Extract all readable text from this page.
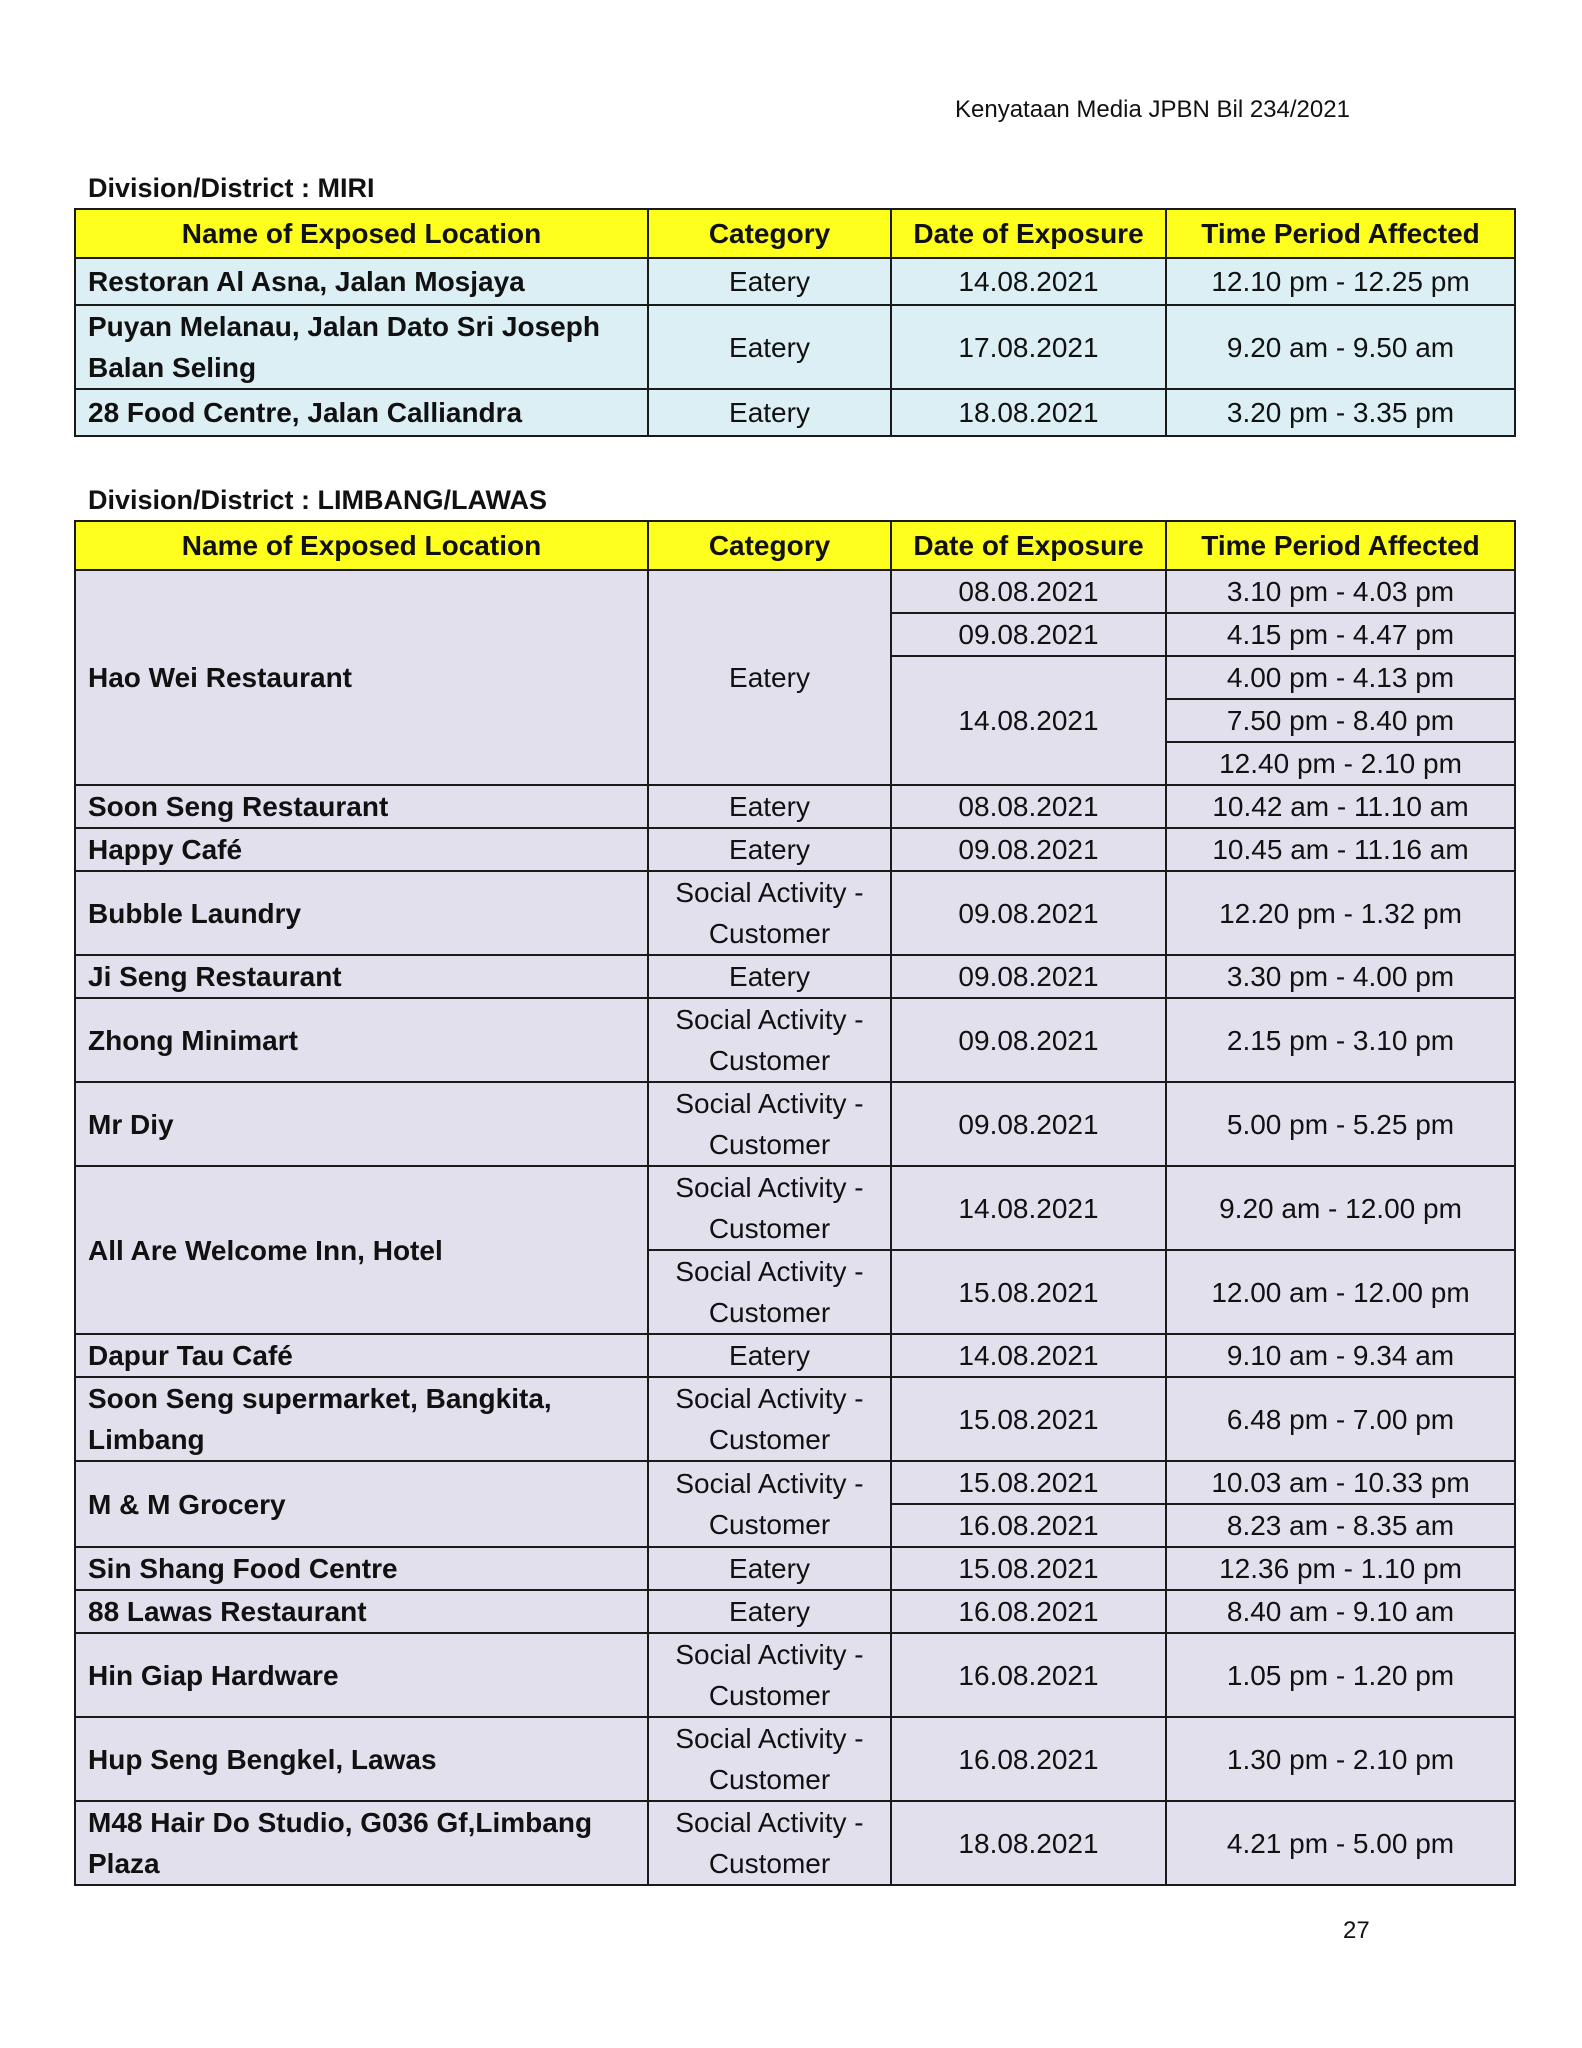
Kenyataan Media JPBN Bil 234/2021
Division/District : MIRI
Name of Exposed Location	Category	Date of Exposure	Time Period Affected
Restoran Al Asna, Jalan Mosjaya	Eatery	14.08.2021	12.10 pm - 12.25 pm
Puyan Melanau, Jalan Dato Sri Joseph Balan Seling	Eatery	17.08.2021	9.20 am - 9.50 am
28 Food Centre, Jalan Calliandra	Eatery	18.08.2021	3.20 pm - 3.35 pm
Division/District : LIMBANG/LAWAS
Name of Exposed Location	Category	Date of Exposure	Time Period Affected
Hao Wei Restaurant	Eatery	08.08.2021	3.10 pm - 4.03 pm
		09.08.2021	4.15 pm - 4.47 pm
		14.08.2021	4.00 pm - 4.13 pm
			7.50 pm - 8.40 pm
			12.40 pm - 2.10 pm
Soon Seng Restaurant	Eatery	08.08.2021	10.42 am - 11.10 am
Happy Café	Eatery	09.08.2021	10.45 am - 11.16 am
Bubble Laundry	Social Activity - Customer	09.08.2021	12.20 pm - 1.32 pm
Ji Seng Restaurant	Eatery	09.08.2021	3.30 pm - 4.00 pm
Zhong Minimart	Social Activity - Customer	09.08.2021	2.15 pm - 3.10 pm
Mr Diy	Social Activity - Customer	09.08.2021	5.00 pm - 5.25 pm
All Are Welcome Inn, Hotel	Social Activity - Customer	14.08.2021	9.20 am - 12.00 pm
	Social Activity - Customer	15.08.2021	12.00 am - 12.00 pm
Dapur Tau Café	Eatery	14.08.2021	9.10 am - 9.34 am
Soon Seng supermarket, Bangkita, Limbang	Social Activity - Customer	15.08.2021	6.48 pm - 7.00 pm
M & M Grocery	Social Activity - Customer	15.08.2021	10.03 am - 10.33 pm
		16.08.2021	8.23 am - 8.35 am
Sin Shang Food Centre	Eatery	15.08.2021	12.36 pm - 1.10 pm
88 Lawas Restaurant	Eatery	16.08.2021	8.40 am - 9.10 am
Hin Giap Hardware	Social Activity - Customer	16.08.2021	1.05 pm - 1.20 pm
Hup Seng Bengkel, Lawas	Social Activity - Customer	16.08.2021	1.30 pm - 2.10 pm
M48 Hair Do Studio, G036 Gf,Limbang Plaza	Social Activity - Customer	18.08.2021	4.21 pm - 5.00 pm
27
